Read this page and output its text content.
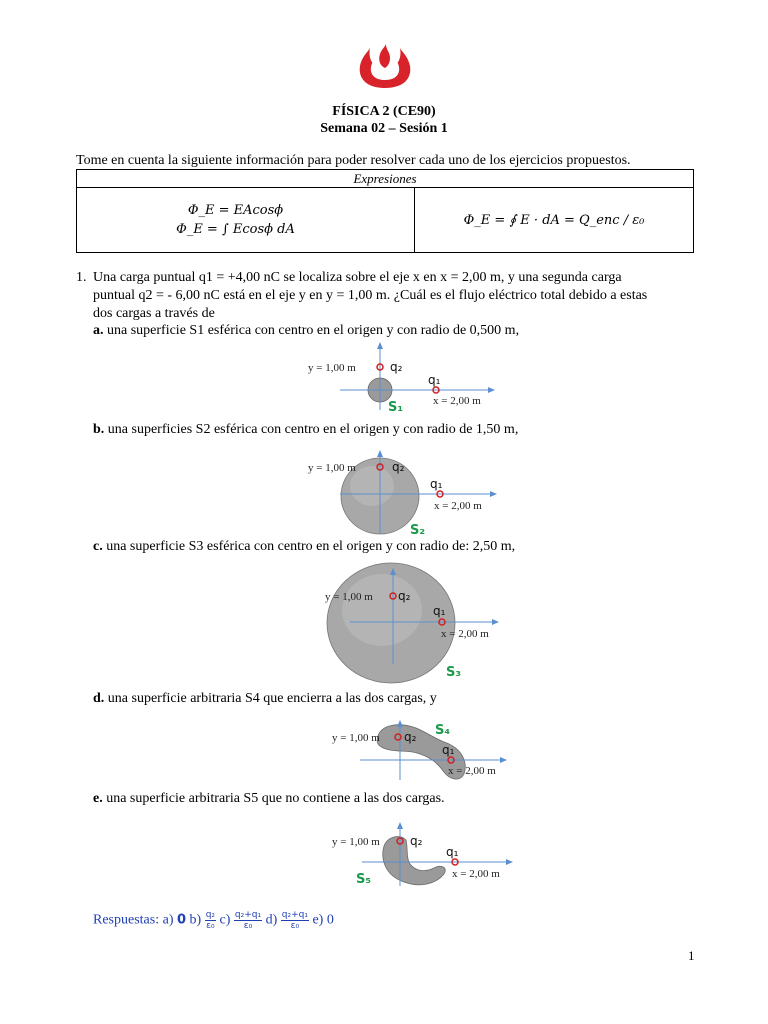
FÍSICA 2 (CE90)
Semana 02 – Sesión 1
Tome en cuenta la siguiente información para poder resolver cada uno de los ejercicios propuestos.
Expresiones

Φ_E = EAcosϕ
Φ_E = ∫ Ecosϕ dA

Φ_E = ∮ E · dA = Q_enc / ε₀
1. Una carga puntual q1 = +4,00 nC se localiza sobre el eje x en x = 2,00 m, y una segunda carga
puntual q2 = - 6,00 nC está en el eje y en y = 1,00 m. ¿Cuál es el flujo eléctrico total debido a estas
dos cargas a través de
a. una superficie S1 esférica con centro en el origen y con radio de 0,500 m,
y = 1,00 m	q₂
q₁
x = 2,00 m
S₁
b. una superficies S2 esférica con centro en el origen y con radio de 1,50 m,
y = 1,00 m	q₂
q₁
x = 2,00 m
S₂
c. una superficie S3 esférica con centro en el origen y con radio de: 2,50 m,
y = 1,00 m q₂
q₁
x = 2,00 m
S₃
d. una superficie arbitraria S4 que encierra a las dos cargas, y
y = 1,00 m q₂
q₁
x = 2,00 m
S₄
e. una superficie arbitraria S5 que no contiene a las dos cargas.
y = 1,00 m	q₂
q₁
x = 2,00 m
S₅
Respuestas: a) 0 $b) \frac{\text{q₂}}{\text{ε₀}} c) \frac{\text{q₂+q₁}}{\text{ε₀}} d) \frac{\text{q₂+q₁}}{\text{ε₀}} e$) 0
1
